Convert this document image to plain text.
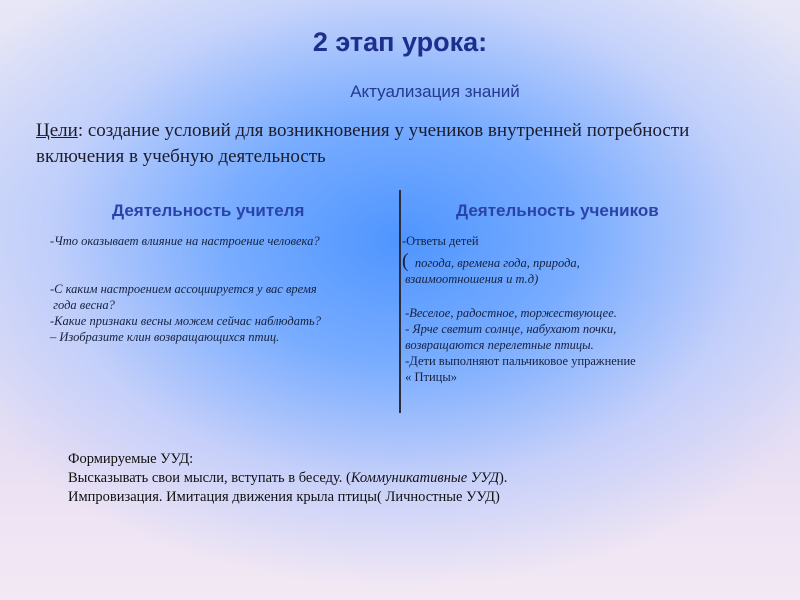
2 этап урока:
Актуализация знаний
Цели: создание условий для возникновения у учеников внутренней потребности включения в учебную деятельность
Деятельность учителя	Деятельность учеников
-Что оказывает влияние на настроение человека?
-С каким настроением ассоциируется у вас время
года весна?
-Какие признаки весны можем сейчас наблюдать?
– Изобразите клин возвращающихся птиц.
-Ответы детей
(  погода, времена года, природа,
взаимоотношения и т.д)
-Веселое, радостное, торжествующее.
- Ярче светит солнце, набухают почки,
возвращаются перелетные птицы.
-Дети выполняют пальчиковое упражнение
« Птицы»
Формируемые УУД:
Высказывать свои мысли, вступать в беседу. (Коммуникативные УУД).
Импровизация. Имитация движения крыла птицы( Личностные УУД)
